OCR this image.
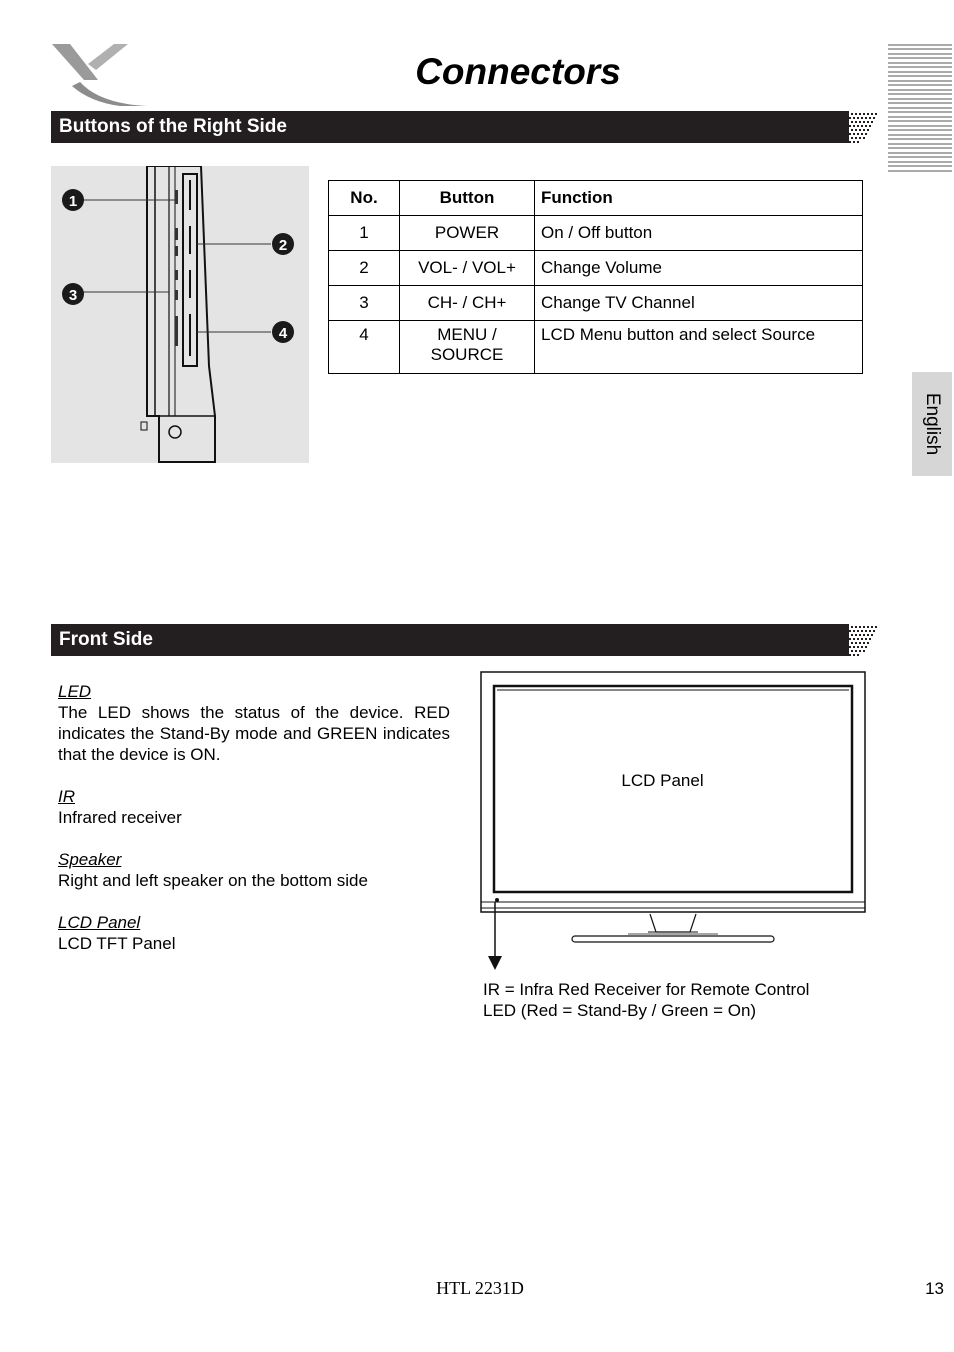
Connectors
Buttons of the Right Side
English
1
2
3
4
No.	Button	Function
1	POWER	On / Off button
2	VOL- / VOL+	Change Volume
3	CH- / CH+	Change TV Channel
4	MENU / SOURCE	LCD Menu button and select Source
Front Side
LED
The LED shows the status of the device. RED indicates the Stand-By mode and GREEN indicates that the device is ON.
IR
Infrared receiver
Speaker
Right and left speaker on the bottom side
LCD Panel
LCD TFT Panel
LCD Panel
IR = Infra Red Receiver for Remote Control
LED (Red = Stand-By / Green = On)
HTL 2231D	13
